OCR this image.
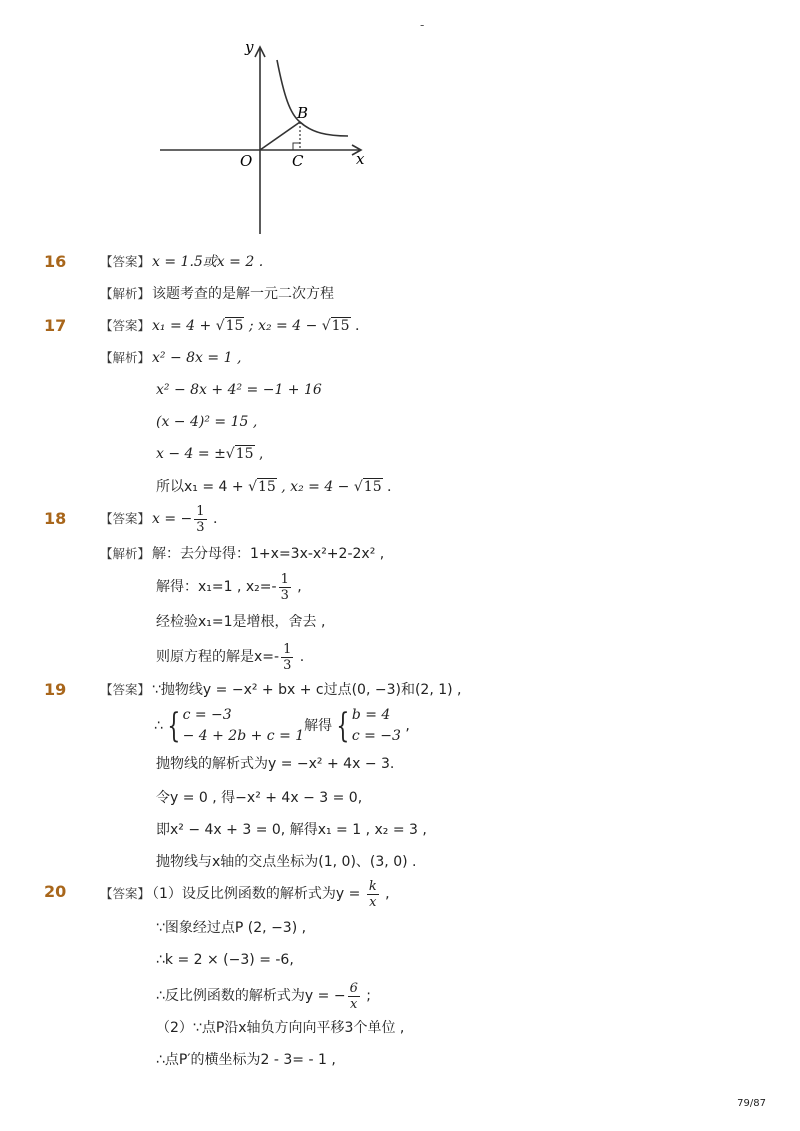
-
y
x
O
B
C
16	【答案】 x = 1.5或x = 2 .
【解析】 该题考查的是解一元二次方程
17	【答案】 x₁ = 4 + √15 ; x₂ = 4 − √15 .
【解析】 x² − 8x = 1 ,
x² − 8x + 4² = −1 + 16
(x − 4)² = 15 ,
x − 4 = ±√15 ,
所以x₁ = 4 + √15 , x₂ = 4 − √15 .
18	【答案】 x = − $\frac{1}{3}$ .
【解析】 解：去分母得：1+x=3x-x²+2-2x² ,
解得：x₁=1 , $x_2=- \frac{1}{3}$ ,
经检验x₁=1是增根，舍去 ,
则原方程的解是$x=- \frac{1}{3}$ .
19	【答案】 ∵抛物线y = −x² + bx + c过点(0, −3)和(2, 1) ,
∴ { c = −3
− 4 + 2b + c = 1
解得 { b = 4
c = −3
,
抛物线的解析式为y = −x² + 4x − 3.
令y = 0 , 得−x² + 4x − 3 = 0,
即x² − 4x + 3 = 0, 解得x₁ = 1 , x₂ = 3 ,
抛物线与x轴的交点坐标为(1, 0)、(3, 0) .
20	【答案】 （1）设反比例函数的解析式为$y = \frac{k}{x}$ ,
∵图象经过点P (2, −3) ,
∴k = 2 × (−3) = -6,
∴反比例函数的解析式为y = − $\frac{6}{x}$ ;
（2）∵点P沿x轴负方向向平移3个单位 ,
∴点P′的横坐标为2 - 3= - 1 ,
79/87
